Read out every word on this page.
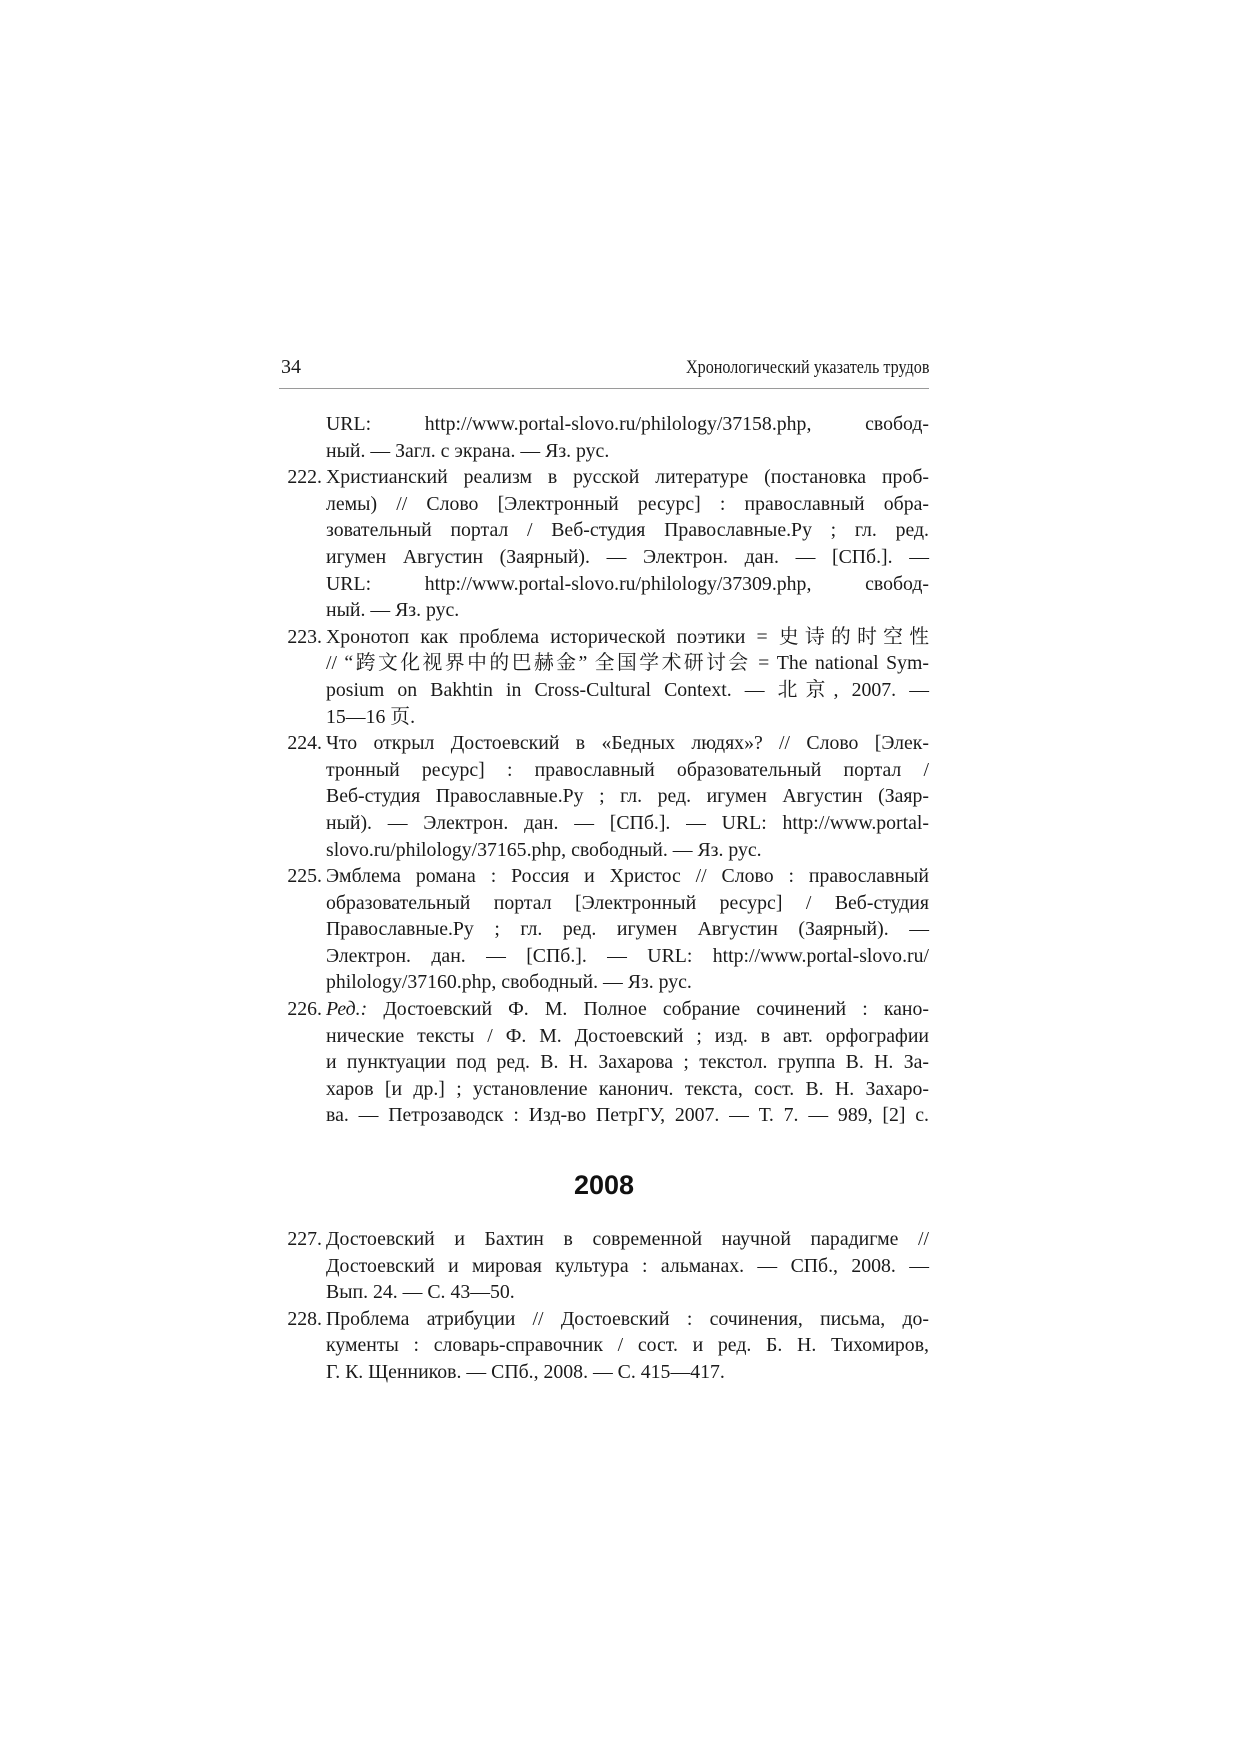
34	Хронологический указатель трудов
URL: http://www.portal-slovo.ru/philology/37158.php, свобод-
ный. — Загл. с экрана. — Яз. рус.
222. Христианский реализм в русской литературе (постановка проб-
лемы) // Слово [Электронный ресурс] : православный обра-
зовательный портал / Веб-студия Православные.Ру ; гл. ред.
игумен Августин (Заярный). — Электрон. дан. — [СПб.]. —
URL: http://www.portal-slovo.ru/philology/37309.php, свобод-
ный. — Яз. рус.
223. Хронотоп как проблема исторической поэтики = 史诗的时空性
// “跨文化视界中的巴赫金” 全国学术研讨会 = The national Sym-
posium on Bakhtin in Cross-Cultural Context. — 北京, 2007. —
15—16 页.
224. Что открыл Достоевский в «Бедных людях»? // Слово [Элек-
тронный ресурс] : православный образовательный портал /
Веб-студия Православные.Ру ; гл. ред. игумен Августин (Заяр-
ный). — Электрон. дан. — [СПб.]. — URL: http://www.portal-
slovo.ru/philology/37165.php, свободный. — Яз. рус.
225. Эмблема романа : Россия и Христос // Слово : православный
образовательный портал [Электронный ресурс] / Веб-студия
Православные.Ру ; гл. ред. игумен Августин (Заярный). —
Электрон. дан. — [СПб.]. — URL: http://www.portal-slovo.ru/
philology/37160.php, свободный. — Яз. рус.
226. Ред.: Достоевский Ф. М. Полное собрание сочинений : кано-
нические тексты / Ф. М. Достоевский ; изд. в авт. орфографии
и пунктуации под ред. В. Н. Захарова ; текстол. группа В. Н. За-
харов [и др.] ; установление канонич. текста, сост. В. Н. Захаро-
ва. — Петрозаводск : Изд-во ПетрГУ, 2007. — Т. 7. — 989, [2] с.
2008
227. Достоевский и Бахтин в современной научной парадигме //
Достоевский и мировая культура : альманах. — СПб., 2008. —
Вып. 24. — С. 43—50.
228. Проблема атрибуции // Достоевский : сочинения, письма, до-
кументы : словарь-справочник / сост. и ред. Б. Н. Тихомиров,
Г. К. Щенников. — СПб., 2008. — С. 415—417.
